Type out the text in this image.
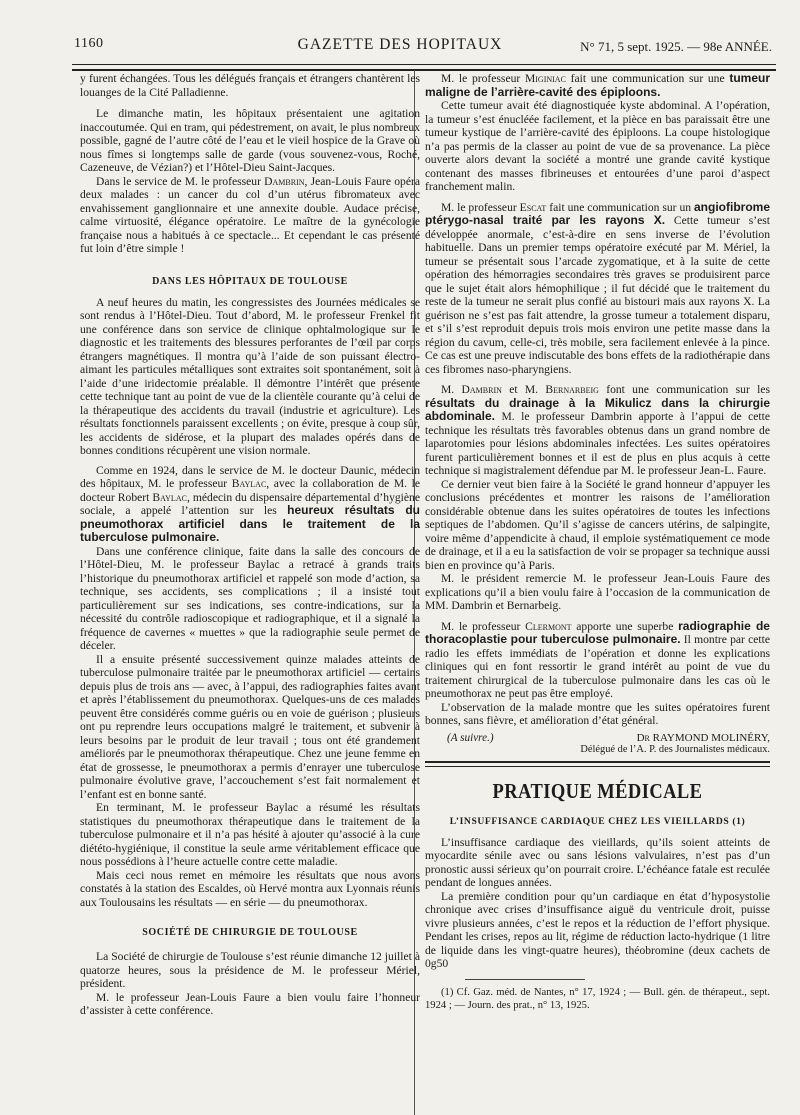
1160	GAZETTE DES HOPITAUX	N° 71, 5 sept. 1925. — 98e ANNÉE.

y furent échangées. Tous les délégués français et étrangers chantèrent les louanges de la Cité Palladienne.

Le dimanche matin, les hôpitaux présentaient une agitation inaccoutumée. Qui en tram, qui pédestrement, on avait, le plus nombreux possible, gagné de l’autre côté de l’eau et le vieil hospice de la Grave où nous fîmes si longtemps salle de garde (vous souvenez-vous, Roché, Cazeneuve, de Vézian?) et l’Hôtel-Dieu Saint-Jacques.

Dans le service de M. le professeur Dambrin, Jean-Louis Faure opéra deux malades : un cancer du col d’un utérus fibromateux avec envahissement ganglionnaire et une annexite double. Audace précise, calme virtuosité, élégance opératoire. Le maître de la gynécologie française nous a habitués à ce spectacle... Et cependant le cas présenté fut loin d’être simple !

DANS LES HÔPITAUX DE TOULOUSE

A neuf heures du matin, les congressistes des Journées médicales se sont rendus à l’Hôtel-Dieu. Tout d’abord, M. le professeur Frenkel fit une conférence dans son service de clinique ophtalmologique sur le diagnostic et les traitements des blessures perforantes de l’œil par corps étrangers magnétiques. Il montra qu’à l’aide de son puissant électro-aimant les particules métalliques sont extraites soit spontanément, soit à l’aide d’une iridectomie préalable. Il démontre l’intérêt que présente cette technique tant au point de vue de la clientèle courante qu’à celui de la thérapeutique des accidents du travail (industrie et agriculture). Les résultats fonctionnels paraissent excellents ; on évite, presque à coup sûr, les accidents de sidérose, et la plupart des malades opérés dans de bonnes conditions récupèrent une vision normale.

Comme en 1924, dans le service de M. le docteur Daunic, médecin des hôpitaux, M. le professeur Baylac, avec la collaboration de M. le docteur Robert Baylac, médecin du dispensaire départemental d’hygiène sociale, a appelé l’attention sur les heureux résultats du pneumothorax artificiel dans le traitement de la tuberculose pulmonaire.

Dans une conférence clinique, faite dans la salle des concours de l’Hôtel-Dieu, M. le professeur Baylac a retracé à grands traits l’historique du pneumothorax artificiel et rappelé son mode d’action, sa technique, ses accidents, ses complications ; il a insisté tout particulièrement sur ses indications, ses contre-indications, sur la nécessité du contrôle radioscopique et radiographique, et il a signalé la fréquence de cavernes « muettes » que la radiographie seule permet de déceler.

Il a ensuite présenté successivement quinze malades atteints de tuberculose pulmonaire traitée par le pneumothorax artificiel — certains depuis plus de trois ans — avec, à l’appui, des radiographies faites avant et après l’établissement du pneumothorax. Quelques-uns de ces malades peuvent être considérés comme guéris ou en voie de guérison ; plusieurs ont pu reprendre leurs occupations malgré le traitement, et subvenir à leurs besoins par le produit de leur travail ; tous ont été grandement améliorés par le pneumothorax thérapeutique. Chez une jeune femme en état de grossesse, le pneumothorax a permis d’enrayer une tuberculose pulmonaire évolutive grave, l’accouchement s’est fait normalement et l’enfant est en bonne santé.

En terminant, M. le professeur Baylac a résumé les résultats statistiques du pneumothorax thérapeutique dans le traitement de la tuberculose pulmonaire et il n’a pas hésité à ajouter qu’associé à la cure diététo-hygiénique, il constitue la seule arme véritablement efficace que nous possédions à l’heure actuelle contre cette maladie.

Mais ceci nous remet en mémoire les résultats que nous avons constatés à la station des Escaldes, où Hervé montra aux Lyonnais réunis aux Toulousains les résultats — en série — du pneumothorax.

SOCIÉTÉ DE CHIRURGIE DE TOULOUSE

La Société de chirurgie de Toulouse s’est réunie dimanche 12 juillet à quatorze heures, sous la présidence de M. le professeur Mériel, président.

M. le professeur Jean-Louis Faure a bien voulu faire l’honneur d’assister à cette conférence.

M. le professeur Miginiac fait une communication sur une tumeur maligne de l’arrière-cavité des épiploons.

Cette tumeur avait été diagnostiquée kyste abdominal. A l’opération, la tumeur s’est énucléée facilement, et la pièce en bas paraissait être une tumeur kystique de l’arrière-cavité des épiploons. La coupe histologique n’a pas permis de la classer au point de vue de sa provenance. La pièce ouverte alors devant la société a montré une grande cavité kystique contenant des masses fibrineuses et entourées d’une paroi d’aspect franchement malin.

M. le professeur Escat fait une communication sur un angiofibrome ptérygo-nasal traité par les rayons X. Cette tumeur s’est développée anormale, c’est-à-dire en sens inverse de l’évolution habituelle. Dans un premier temps opératoire exécuté par M. Mériel, la tumeur se présentait sous l’arcade zygomatique, et à la suite de cette opération des hémorragies secondaires très graves se produisirent parce que le sujet était alors hémophilique ; il fut décidé que le traitement du reste de la tumeur ne serait plus confié au bistouri mais aux rayons X. La guérison ne s’est pas fait attendre, la grosse tumeur a totalement disparu, et s’il s’est reproduit depuis trois mois environ une petite masse dans la région du cavum, celle-ci, très mobile, sera facilement enlevée à la pince. Ce cas est une preuve indiscutable des bons effets de la radiothérapie dans ces fibromes naso-pharyngiens.

M. Dambrin et M. Bernarbeig font une communication sur les résultats du drainage à la Mikulicz dans la chirurgie abdominale. M. le professeur Dambrin apporte à l’appui de cette technique les résultats très favorables obtenus dans un grand nombre de laparotomies pour lésions abdominales infectées. Les suites opératoires furent particulièrement bonnes et il est de plus en plus acquis à cette technique si magistralement défendue par M. le professeur Jean-L. Faure.

Ce dernier veut bien faire à la Société le grand honneur d’appuyer les conclusions précédentes et montrer les raisons de l’amélioration considérable obtenue dans les suites opératoires de toutes les infections septiques de l’abdomen. Qu’il s’agisse de cancers utérins, de salpingite, voire même d’appendicite à chaud, il emploie systématiquement ce mode de drainage, et il a eu la satisfaction de voir se propager sa technique aussi bien en province qu’à Paris.

M. le président remercie M. le professeur Jean-Louis Faure des explications qu’il a bien voulu faire à l’occasion de la communication de MM. Dambrin et Bernarbeig.

M. le professeur Clermont apporte une superbe radiographie de thoracoplastie pour tuberculose pulmonaire. Il montre par cette radio les effets immédiats de l’opération et donne les explications cliniques qui en font ressortir le grand intérêt au point de vue du traitement chirurgical de la tuberculose pulmonaire dans les cas où le pneumothorax ne peut pas être employé.

L’observation de la malade montre que les suites opératoires furent bonnes, sans fièvre, et amélioration d’état général.

(A suivre.)	Dr RAYMOND MOLINÉRY,
Délégué de l’A. P. des Journalistes médicaux.
PRATIQUE MÉDICALE
L’INSUFFISANCE CARDIAQUE CHEZ LES VIEILLARDS (1)

L’insuffisance cardiaque des vieillards, qu’ils soient atteints de myocardite sénile avec ou sans lésions valvulaires, n’est pas d’un pronostic aussi sérieux qu’on pourrait croire. L’échéance fatale est reculée pendant de longues années.

La première condition pour qu’un cardiaque en état d’hyposystolie chronique avec crises d’insuffisance aiguë du ventricule droit, puisse vivre plusieurs années, c’est le repos et la réduction de l’effort physique. Pendant les crises, repos au lit, régime de réduction lacto-hydrique (1 litre de liquide dans les vingt-quatre heures), théobromine (deux cachets de 0g50

(1) Cf. Gaz. méd. de Nantes, n° 17, 1924 ; — Bull. gén. de thérapeut., sept. 1924 ; — Journ. des prat., n° 13, 1925.
